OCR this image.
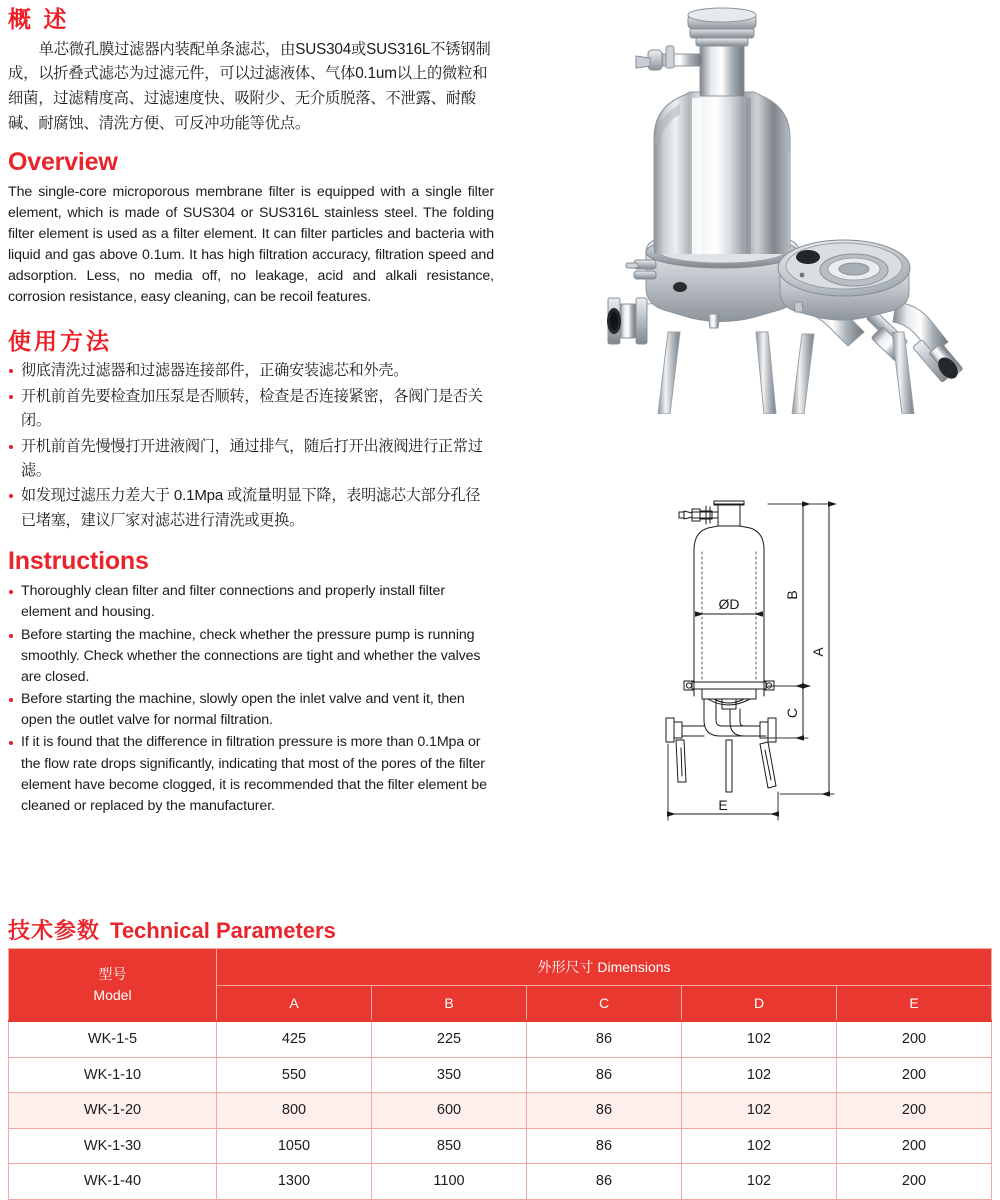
概 述

单芯微孔膜过滤器内装配单条滤芯，由SUS304或SUS316L不锈钢制成，以折叠式滤芯为过滤元件，可以过滤液体、气体0.1um以上的微粒和细菌，过滤精度高、过滤速度快、吸附少、无介质脱落、不泄露、耐酸碱、耐腐蚀、清洗方便、可反冲功能等优点。

Overview

The single-core microporous membrane filter is equipped with a single filter element, which is made of SUS304 or SUS316L stainless steel. The folding filter element is used as a filter element. It can filter particles and bacteria with liquid and gas above 0.1um. It has high filtration accuracy, filtration speed and adsorption. Less, no media off, no leakage, acid and alkali resistance, corrosion resistance, easy cleaning, can be recoil features.

使用方法
彻底清洗过滤器和过滤器连接部件，正确安装滤芯和外壳。
开机前首先要检查加压泵是否顺转，检查是否连接紧密，各阀门是否关闭。
开机前首先慢慢打开进液阀门，通过排气，随后打开出液阀进行正常过滤。
如发现过滤压力差大于 0.1Mpa 或流量明显下降，表明滤芯大部分孔径已堵塞，建议厂家对滤芯进行清洗或更换。
Instructions
Thoroughly clean filter and filter connections and properly install filter element and housing.
Before starting the machine, check whether the pressure pump is running smoothly. Check whether the connections are tight and whether the valves are closed.
Before starting the machine, slowly open the inlet valve and vent it, then open the outlet valve for normal filtration.
If it is found that the difference in filtration pressure is more than 0.1Mpa or the flow rate drops significantly, indicating that most of the pores of the filter element have become clogged, it is recommended that the filter element be cleaned or replaced by the manufacturer.
ØD
B
C
A
E
技术参数 Technical Parameters
型号
Model	外形尺寸 Dimensions				
	A	B	C	D	E
WK-1-5	425	225	86	102	200
WK-1-10	550	350	86	102	200
WK-1-20	800	600	86	102	200
WK-1-30	1050	850	86	102	200
WK-1-40	1300	1100	86	102	200
